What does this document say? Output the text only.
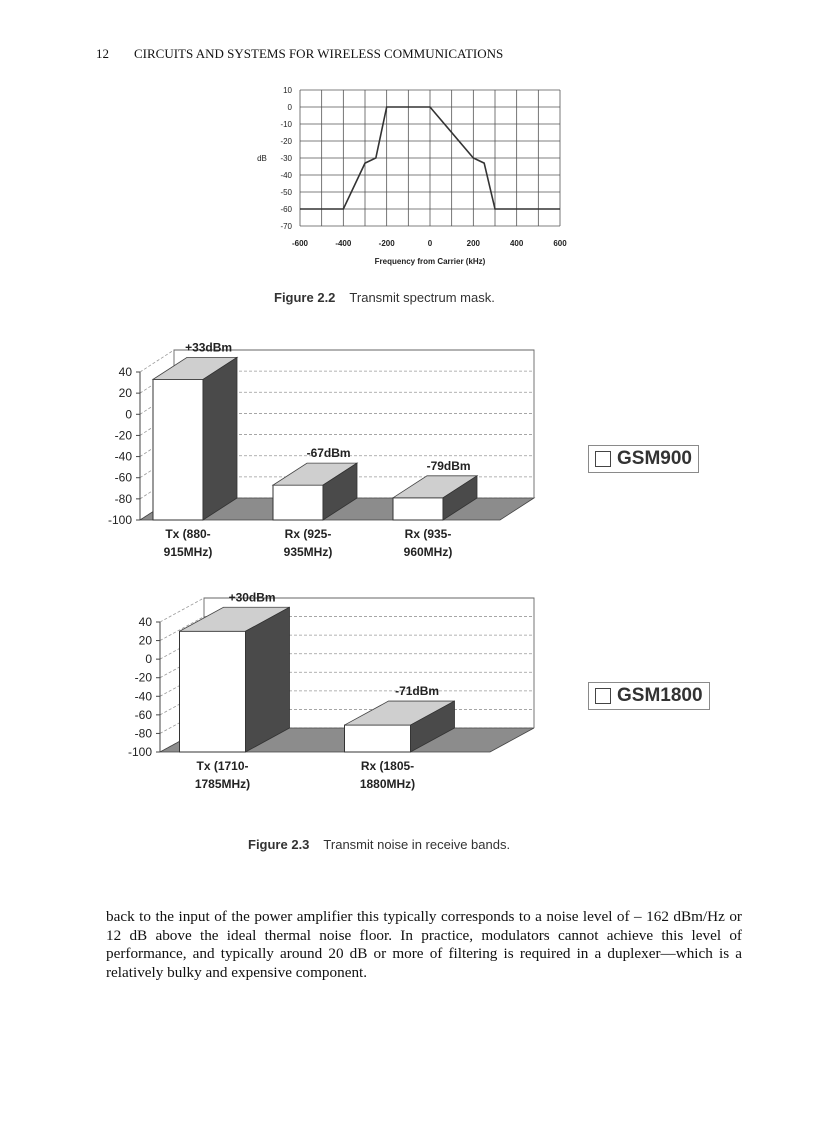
12 CIRCUITS AND SYSTEMS FOR WIRELESS COMMUNICATIONS
10
0
-10
-20
-30
-40
-50
-60
-70
dB
-600	-400	-200	0	200	400	600
Frequency from Carrier (kHz)
Figure 2.2 Transmit spectrum mask.
40
20
0
-20
-40
-60
-80
-100
+33dBm
Tx (880-
915MHz)
-67dBm
Rx (925-
935MHz)
-79dBm
Rx (935-
960MHz)
GSM900
40
20
0
-20
-40
-60
-80
-100
+30dBm
Tx (1710-
1785MHz)
-71dBm
Rx (1805-
1880MHz)
GSM1800
Figure 2.3 Transmit noise in receive bands.
back to the input of the power amplifier this typically corresponds to a noise level of – 162 dBm/Hz or 12 dB above the ideal thermal noise floor. In practice, modulators cannot achieve this level of performance, and typically around 20 dB or more of filtering is required in a duplexer—which is a relatively bulky and expensive component.
